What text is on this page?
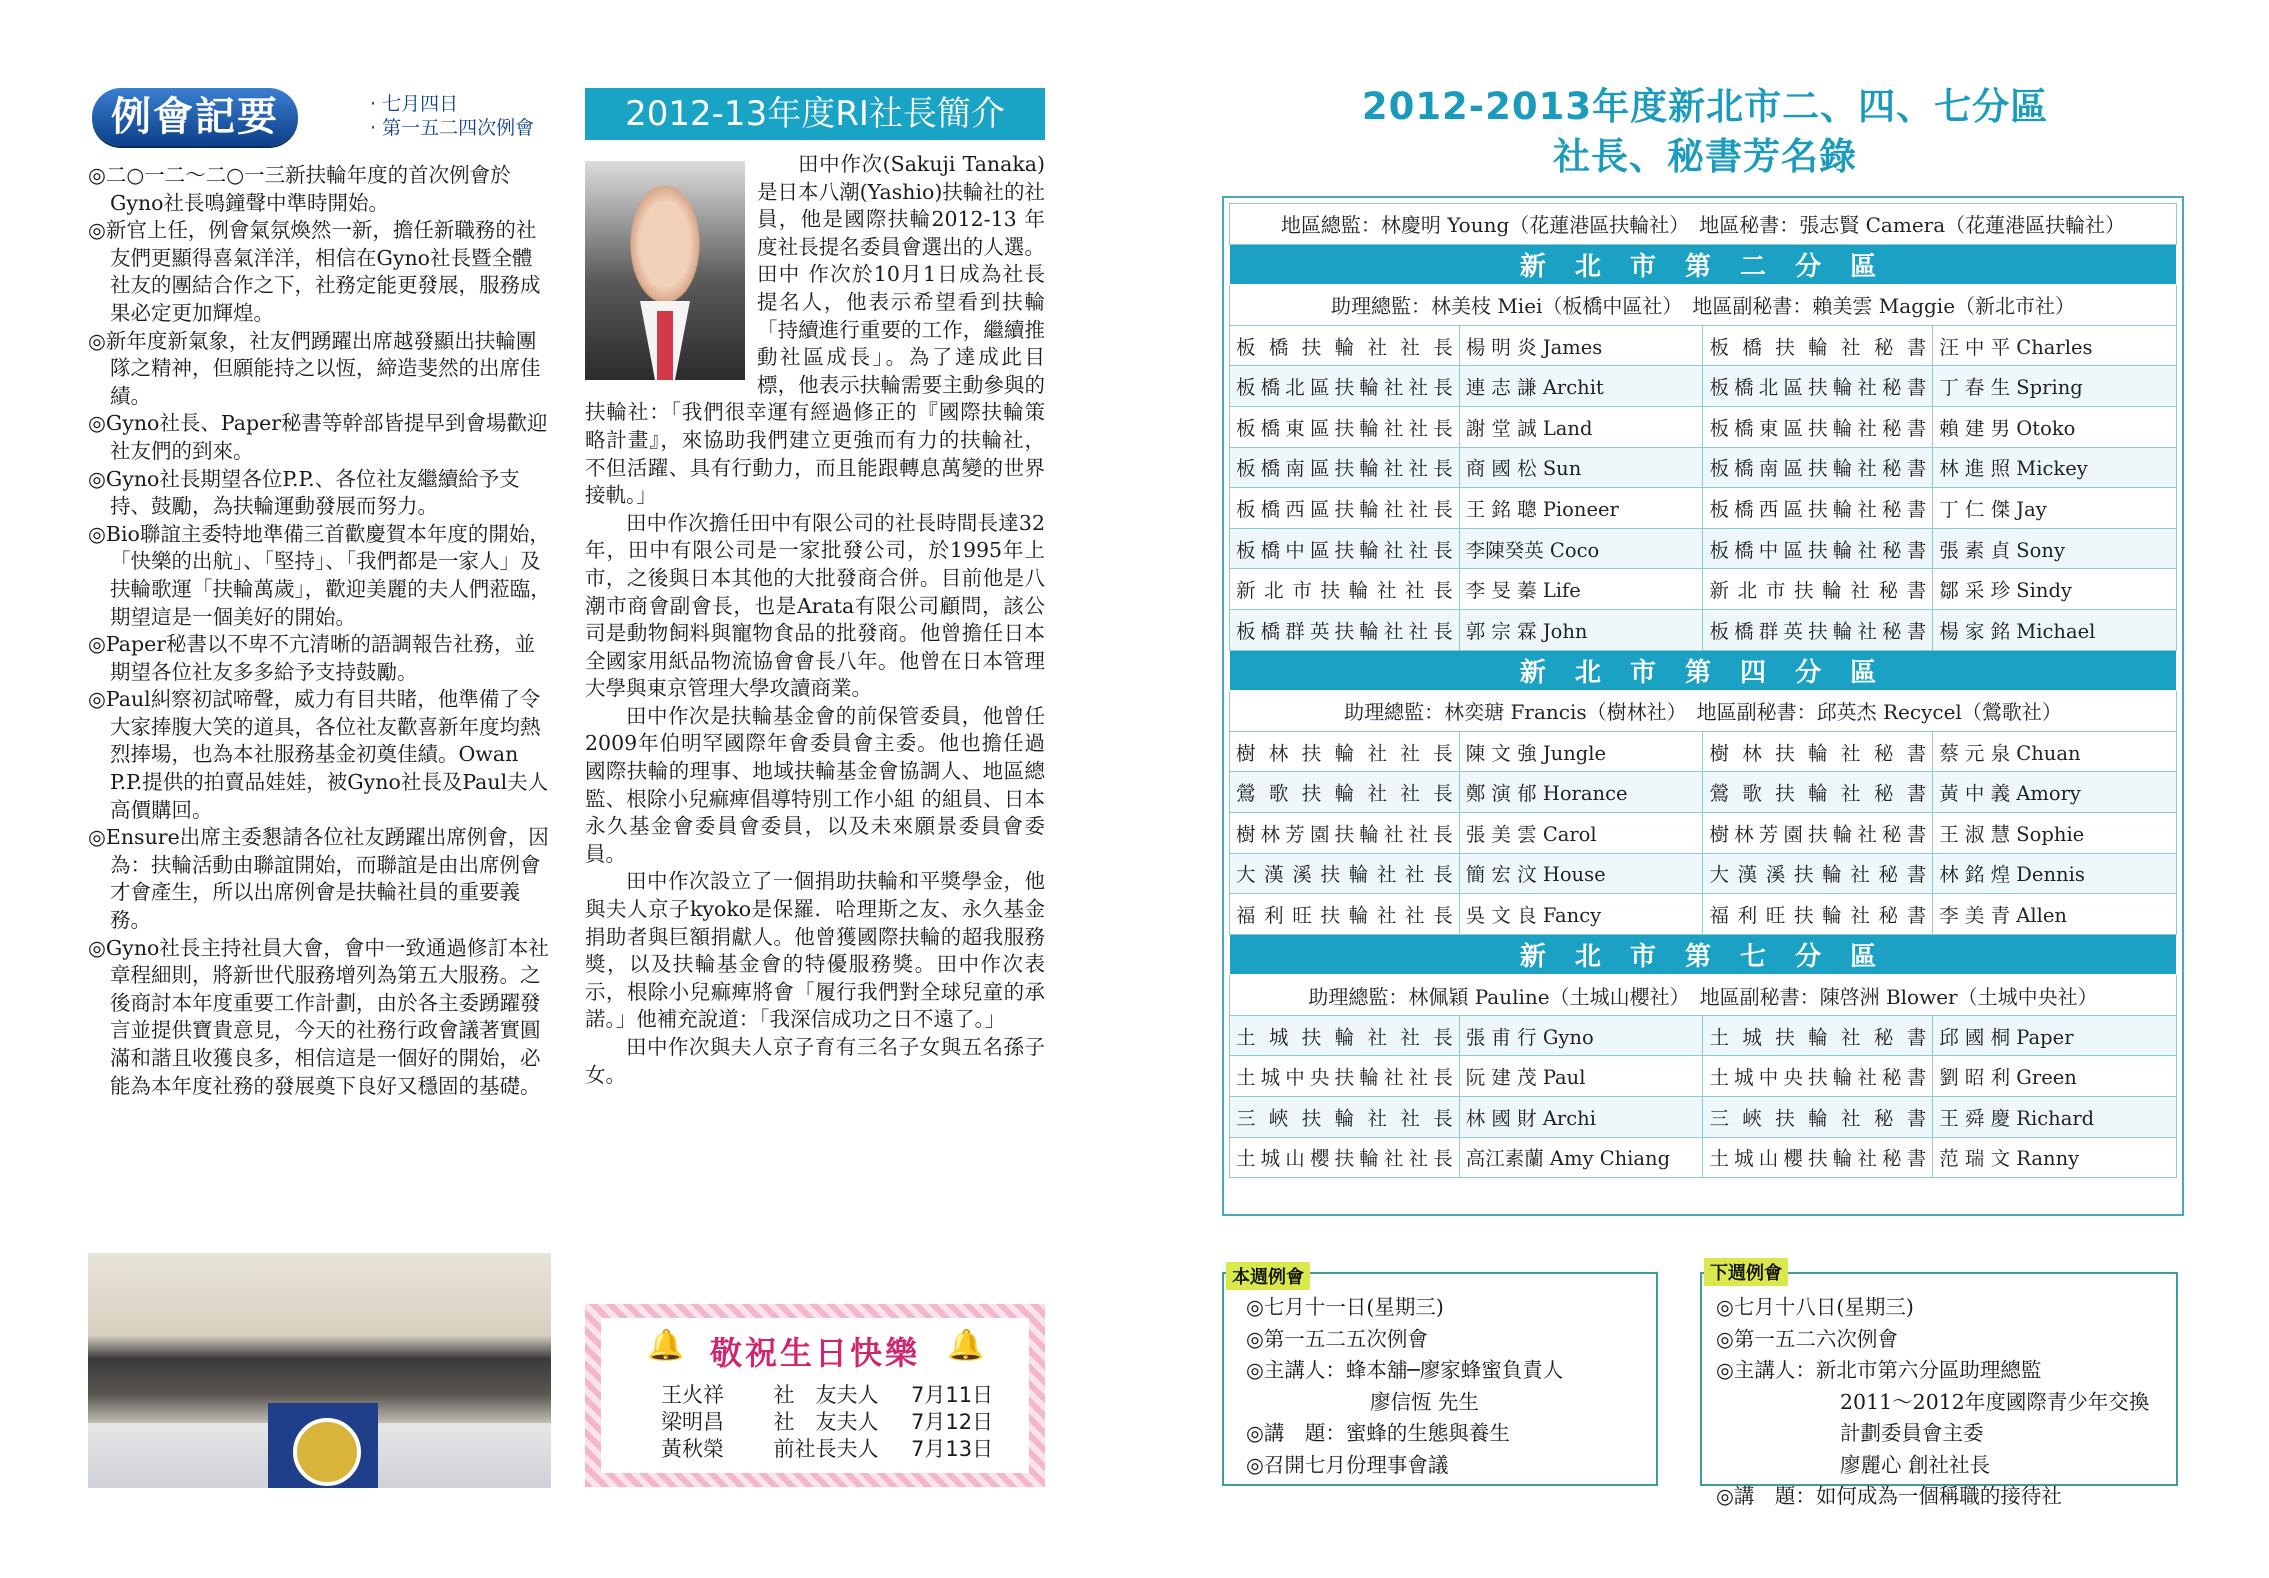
例會記要	· 七月四日
· 第一五二四次例會

◎二○一二～二○一三新扶輪年度的首次例會於Gyno社長鳴鐘聲中準時開始。

◎新官上任，例會氣氛煥然一新，擔任新職務的社友們更顯得喜氣洋洋，相信在Gyno社長暨全體社友的團結合作之下，社務定能更發展，服務成果必定更加輝煌。

◎新年度新氣象，社友們踴躍出席越發顯出扶輪團隊之精神，但願能持之以恆，締造斐然的出席佳績。

◎Gyno社長、Paper秘書等幹部皆提早到會場歡迎社友們的到來。

◎Gyno社長期望各位P.P.、各位社友繼續給予支持、鼓勵，為扶輪運動發展而努力。

◎Bio聯誼主委特地準備三首歡慶賀本年度的開始，「快樂的出航」、「堅持」、「我們都是一家人」及扶輪歌運「扶輪萬歲」，歡迎美麗的夫人們蒞臨，期望這是一個美好的開始。

◎Paper秘書以不卑不亢清晰的語調報告社務，並期望各位社友多多給予支持鼓勵。

◎Paul糾察初試啼聲，威力有目共睹，他準備了令大家捧腹大笑的道具，各位社友歡喜新年度均熱烈捧場，也為本社服務基金初奠佳績。Owan P.P.提供的拍賣品娃娃，被Gyno社長及Paul夫人高價購回。

◎Ensure出席主委懇請各位社友踴躍出席例會，因為：扶輪活動由聯誼開始，而聯誼是由出席例會才會產生，所以出席例會是扶輪社員的重要義務。

◎Gyno社長主持社員大會，會中一致通過修訂本社章程細則，將新世代服務增列為第五大服務。之後商討本年度重要工作計劃，由於各主委踴躍發言並提供寶貴意見，今天的社務行政會議著實圓滿和諧且收獲良多，相信這是一個好的開始，必能為本年度社務的發展奠下良好又穩固的基礎。

2012-13年度RI社長簡介

田中作次(Sakuji Tanaka)是日本八潮(Yashio)扶輪社的社員，他是國際扶輪2012-13 年度社長提名委員會選出的人選。田中 作次於10月1日成為社長提名人，他表示希望看到扶輪「持續進行重要的工作，繼續推動社區成長」。為了達成此目標，他表示扶輪需要主動參與的扶輪社：「我們很幸運有經過修正的『國際扶輪策略計畫』，來協助我們建立更強而有力的扶輪社，不但活躍、具有行動力，而且能跟轉息萬變的世界接軌。」

田中作次擔任田中有限公司的社長時間長達32年，田中有限公司是一家批發公司，於1995年上市，之後與日本其他的大批發商合併。目前他是八潮市商會副會長，也是Arata有限公司顧問，該公司是動物飼料與寵物食品的批發商。他曾擔任日本全國家用紙品物流協會會長八年。他曾在日本管理大學與東京管理大學攻讀商業。

田中作次是扶輪基金會的前保管委員，他曾任2009年伯明罕國際年會委員會主委。他也擔任過國際扶輪的理事、地域扶輪基金會協調人、地區總監、根除小兒痲痺倡導特別工作小組 的組員、日本永久基金會委員會委員，以及未來願景委員會委員。

田中作次設立了一個捐助扶輪和平獎學金，他與夫人京子kyoko是保羅．哈理斯之友、永久基金捐助者與巨額捐獻人。他曾獲國際扶輪的超我服務獎，以及扶輪基金會的特優服務獎。田中作次表示，根除小兒痲痺將會「履行我們對全球兒童的承諾。」他補充說道：「我深信成功之日不遠了。」

田中作次與夫人京子育有三名子女與五名孫子女。

🔔	🔔
敬祝生日快樂
王火祥	社　友夫人	7月11日
梁明昌	社　友夫人	7月12日
黃秋榮	前社長夫人	7月13日
2012-2013年度新北市二、四、七分區
社長、秘書芳名錄
地區總監：林慶明 Young（花蓮港區扶輪社）　地區秘書：張志賢 Camera（花蓮港區扶輪社）			
新 北 市 第 二 分 區			
助理總監：林美枝 Miei（板橋中區社）　地區副秘書：賴美雲 Maggie（新北市社）			
板橋扶輪社社長	楊 明 炎 James	板橋扶輪社秘書	汪 中 平 Charles
板橋北區扶輪社社長	連 志 謙 Archit	板橋北區扶輪社秘書	丁 春 生 Spring
板橋東區扶輪社社長	謝 堂 誠 Land	板橋東區扶輪社秘書	賴 建 男 Otoko
板橋南區扶輪社社長	商 國 松 Sun	板橋南區扶輪社秘書	林 進 照 Mickey
板橋西區扶輪社社長	王 銘 聰 Pioneer	板橋西區扶輪社秘書	丁 仁 傑 Jay
板橋中區扶輪社社長	李陳癸英 Coco	板橋中區扶輪社秘書	張 素 貞 Sony
新北市扶輪社社長	李 旻 蓁 Life	新北市扶輪社秘書	鄒 采 珍 Sindy
板橋群英扶輪社社長	郭 宗 霖 John	板橋群英扶輪社秘書	楊 家 銘 Michael
新 北 市 第 四 分 區			
助理總監：林奕瑭 Francis（樹林社）　地區副秘書：邱英杰 Recycel（鶯歌社）			
樹林扶輪社社長	陳 文 強 Jungle	樹林扶輪社秘書	蔡 元 泉 Chuan
鶯歌扶輪社社長	鄭 演 郁 Horance	鶯歌扶輪社秘書	黃 中 義 Amory
樹林芳園扶輪社社長	張 美 雲 Carol	樹林芳園扶輪社秘書	王 淑 慧 Sophie
大漢溪扶輪社社長	簡 宏 汶 House	大漢溪扶輪社秘書	林 銘 煌 Dennis
福利旺扶輪社社長	吳 文 良 Fancy	福利旺扶輪社秘書	李 美 青 Allen
新 北 市 第 七 分 區			
助理總監：林佩穎 Pauline（土城山櫻社）　地區副秘書：陳啓洲 Blower（土城中央社）			
土城扶輪社社長	張 甫 行 Gyno	土城扶輪社秘書	邱 國 桐 Paper
土城中央扶輪社社長	阮 建 茂 Paul	土城中央扶輪社秘書	劉 昭 利 Green
三峽扶輪社社長	林 國 財 Archi	三峽扶輪社秘書	王 舜 慶 Richard
土城山櫻扶輪社社長	高江素蘭 Amy Chiang	土城山櫻扶輪社秘書	范 瑞 文 Ranny
◎七月十一日(星期三)
◎第一五二五次例會
◎主講人：蜂本舖─廖家蜂蜜負責人
廖信恆 先生
◎講　題：蜜蜂的生態與養生
◎召開七月份理事會議
本週例會
◎七月十八日(星期三)
◎第一五二六次例會
◎主講人：新北市第六分區助理總監
2011～2012年度國際青少年交換
計劃委員會主委
廖麗心 創社社長
◎講　題：如何成為一個稱職的接待社
下週例會
